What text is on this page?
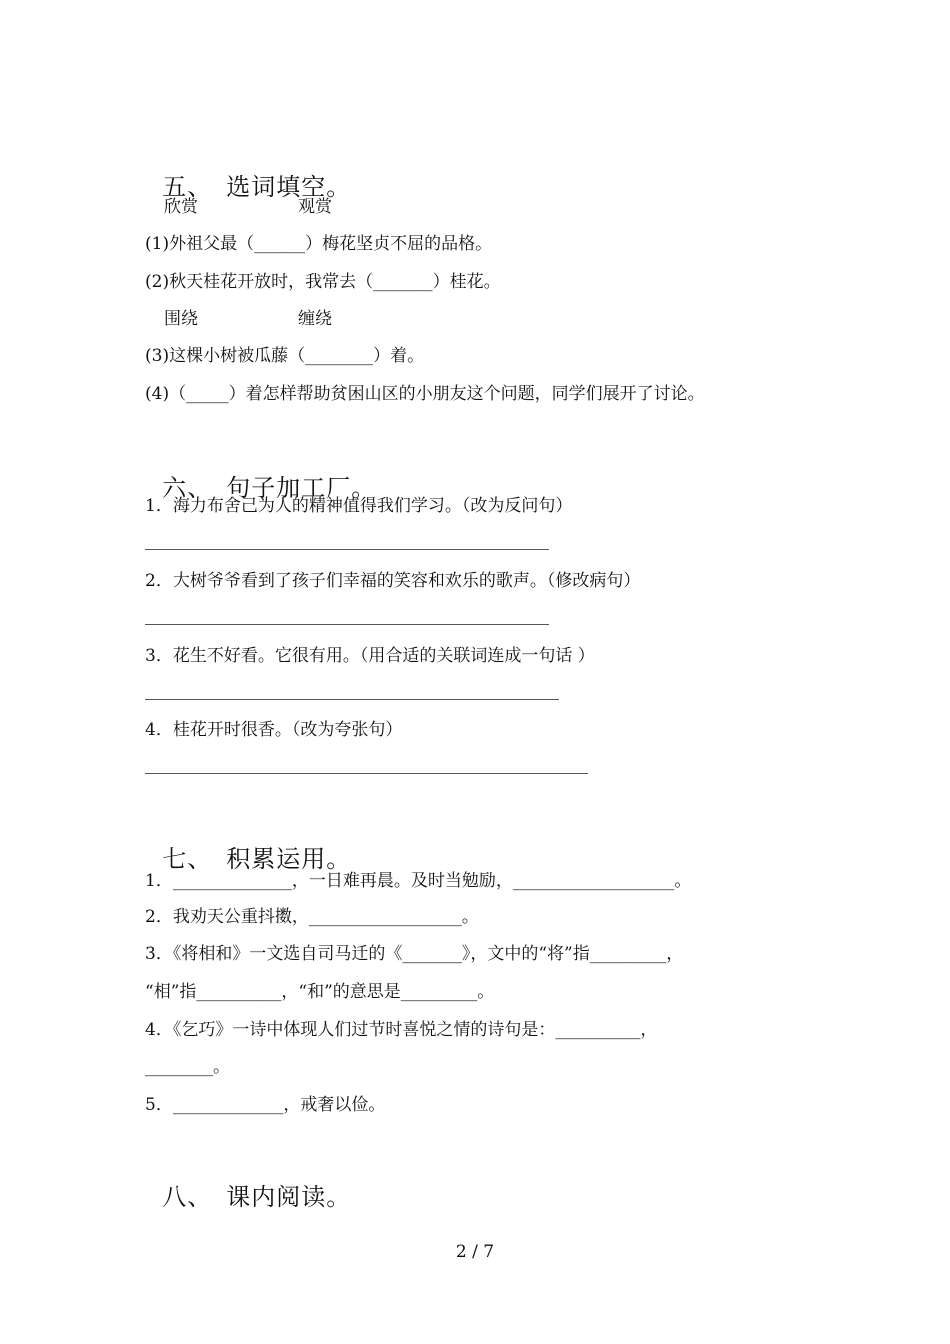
五、 选词填空。

欣赏	观赏
(1)外祖父最（______）梅花坚贞不屈的品格。
(2)秋天桂花开放时，我常去（_______）桂花。
围绕	缠绕
(3)这棵小树被瓜藤（________）着。
(4)（_____）着怎样帮助贫困山区的小朋友这个问题，同学们展开了讨论。

六、 句子加工厂。

1．海力布舍己为人的精神值得我们学习。（改为反问句）
2．大树爷爷看到了孩子们幸福的笑容和欢乐的歌声。（修改病句）
3．花生不好看。它很有用。（用合适的关联词连成一句话 ）
4．桂花开时很香。（改为夸张句）

七、 积累运用。

1．______________，一日难再晨。及时当勉励，___________________。
2．我劝天公重抖擞，__________________。
3．《将相和》一文选自司马迁的《_______》，文中的“将”指_________，
“相”指__________，“和”的意思是_________。
4．《乞巧》一诗中体现人们过节时喜悦之情的诗句是：__________，
________。
5．_____________，戒奢以俭。

八、 课内阅读。

2 / 7
